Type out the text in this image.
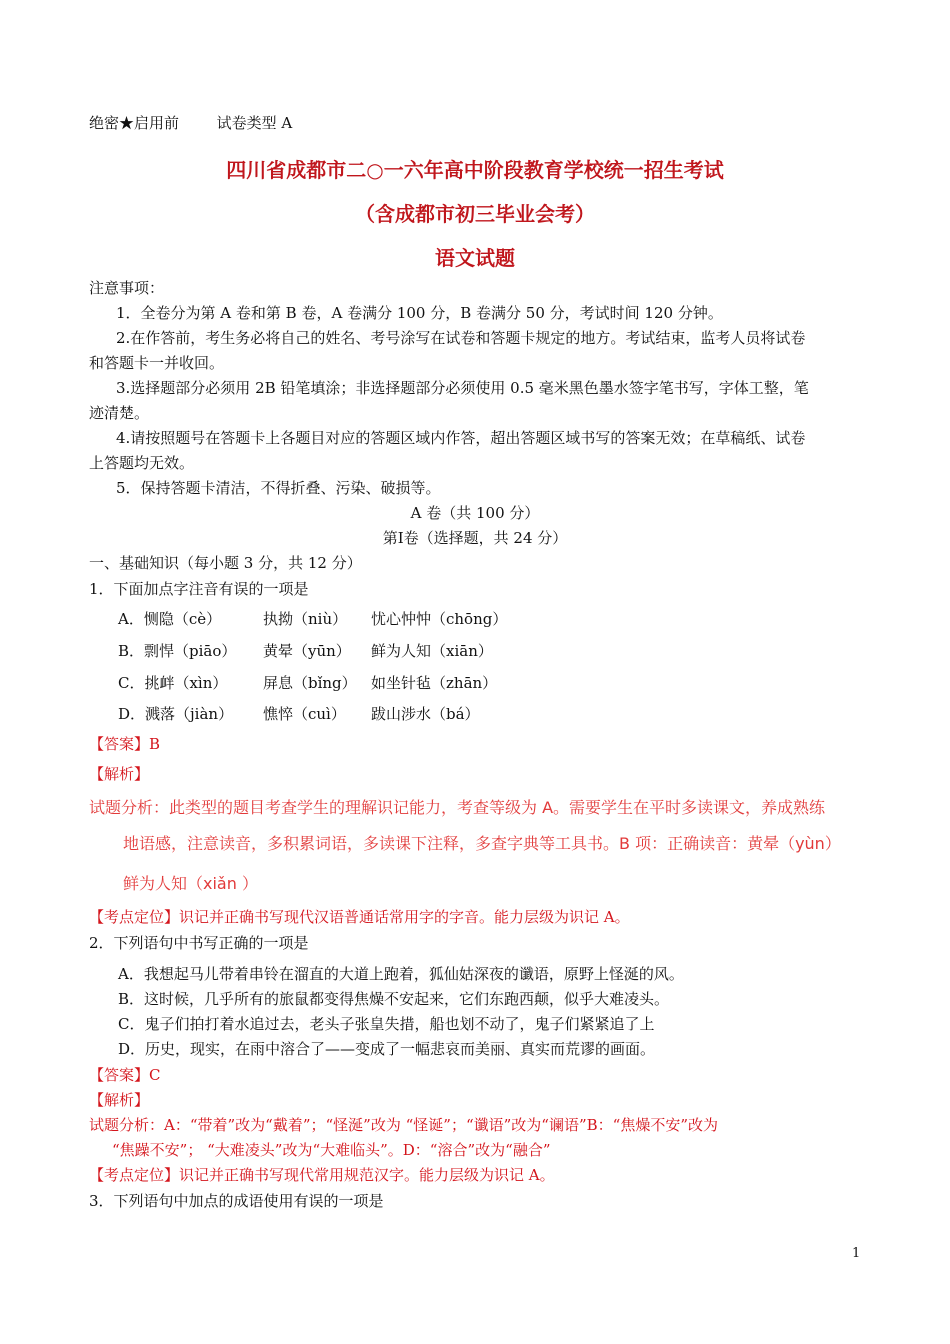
绝密★启用前	试卷类型 A
四川省成都市二○一六年高中阶段教育学校统一招生考试
（含成都市初三毕业会考）
语文试题
注意事项：
1．全卷分为第 A 卷和第 B 卷，A 卷满分 100 分，B 卷满分 50 分，考试时间 120 分钟。
2.在作答前，考生务必将自己的姓名、考号涂写在试卷和答题卡规定的地方。考试结束，监考人员将试卷
和答题卡一并收回。
3.选择题部分必须用 2B 铅笔填涂；非选择题部分必须使用 0.5 毫米黑色墨水签字笔书写，字体工整，笔
迹清楚。
4.请按照题号在答题卡上各题目对应的答题区域内作答，超出答题区域书写的答案无效；在草稿纸、试卷
上答题均无效。
5．保持答题卡清洁，不得折叠、污染、破损等。
A 卷（共 100 分）
第Ⅰ卷（选择题，共 24 分）
一、基础知识（每小题 3 分，共 12 分）
1．下面加点字注音有误的一项是
A．恻隐（cè）	执拗（niù） 忧心忡忡（chōng）
B．剽悍（piāo） 黄晕（yūn） 鲜为人知（xiān）
C．挑衅（xìn） 屏息（bǐng） 如坐针毡（zhān）
D．溅落（jiàn） 憔悴（cuì） 跋山涉水（bá）
【答案】B
【解析】
试题分析：此类型的题目考查学生的理解识记能力，考查等级为 A。需要学生在平时多读课文，养成熟练
地语感，注意读音，多积累词语，多读课下注释，多查字典等工具书。B 项：正确读音：黄晕（yùn）
鲜为人知（xiǎn ）
【考点定位】识记并正确书写现代汉语普通话常用字的字音。能力层级为识记 A。
2．下列语句中书写正确的一项是
A．我想起马儿带着串铃在溜直的大道上跑着，狐仙姑深夜的谶语，原野上怪涎的风。
B．这时候，几乎所有的旅鼠都变得焦燥不安起来，它们东跑西颠，似乎大难凌头。
C．鬼子们拍打着水追过去，老头子张皇失措，船也划不动了，鬼子们紧紧追了上
D．历史，现实，在雨中溶合了——变成了一幅悲哀而美丽、真实而荒谬的画面。
【答案】C
【解析】
试题分析：A：“带着”改为“戴着”；“怪涎”改为 “怪诞”；“谶语”改为“谰语”B：“焦燥不安”改为
“焦躁不安”； “大难凌头”改为“大难临头”。D：“溶合”改为“融合”
【考点定位】识记并正确书写现代常用规范汉字。能力层级为识记 A。
3．下列语句中加点的成语使用有误的一项是
1
